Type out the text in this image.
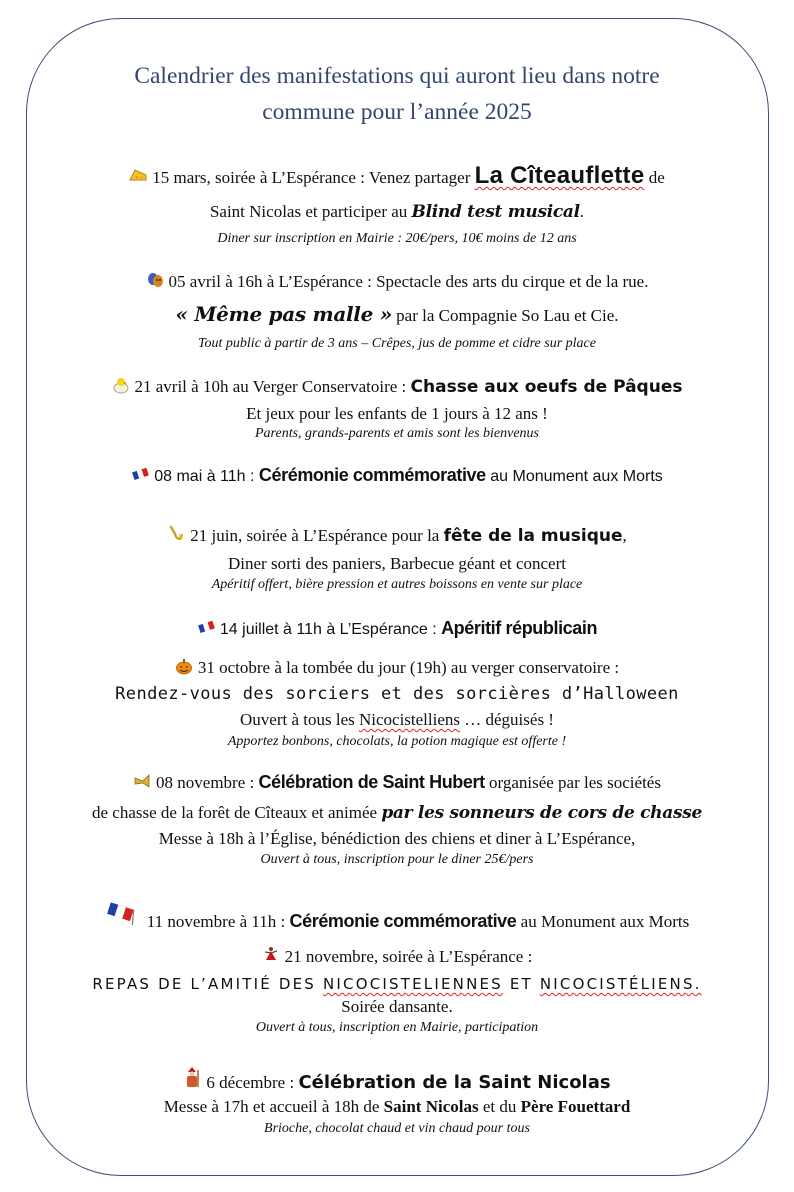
Calendrier des manifestations qui auront lieu dans notre
commune pour l’année 2025
15 mars, soirée à L’Espérance : Venez partager La Cîteauflette de
Saint Nicolas et participer au Blind test musical.
Diner sur inscription en Mairie : 20€/pers, 10€ moins de 12 ans
05 avril à 16h à L’Espérance : Spectacle des arts du cirque et de la rue.
« Même pas malle » par la Compagnie So Lau et Cie.
Tout public à partir de 3 ans – Crêpes, jus de pomme et cidre sur place
21 avril à 10h au Verger Conservatoire : Chasse aux oeufs de Pâques
Et jeux pour les enfants de 1 jours à 12 ans !
Parents, grands-parents et amis sont les bienvenus
08 mai à 11h : Cérémonie commémorative au Monument aux Morts
21 juin, soirée à L’Espérance pour la fête de la musique,
Diner sorti des paniers, Barbecue géant et concert
Apéritif offert, bière pression et autres boissons en vente sur place
14 juillet à 11h à L’Espérance : Apéritif républicain
31 octobre à la tombée du jour (19h) au verger conservatoire :
Rendez-vous des sorciers et des sorcières d’Halloween
Ouvert à tous les Nicocistelliens … déguisés !
Apportez bonbons, chocolats, la potion magique est offerte !
08 novembre : Célébration de Saint Hubert organisée par les sociétés
de chasse de la forêt de Cîteaux et animée par les sonneurs de cors de chasse
Messe à 18h à l’Église, bénédiction des chiens et diner à L’Espérance,
Ouvert à tous, inscription pour le diner 25€/pers
11 novembre à 11h : Cérémonie commémorative au Monument aux Morts
21 novembre, soirée à L’Espérance :
REPAS DE L’AMITIÉ DES NICOCISTELIENNES ET NICOCISTÉLIENS.
Soirée dansante.
Ouvert à tous, inscription en Mairie, participation
6 décembre : Célébration de la Saint Nicolas
Messe à 17h et accueil à 18h de Saint Nicolas et du Père Fouettard
Brioche, chocolat chaud et vin chaud pour tous
